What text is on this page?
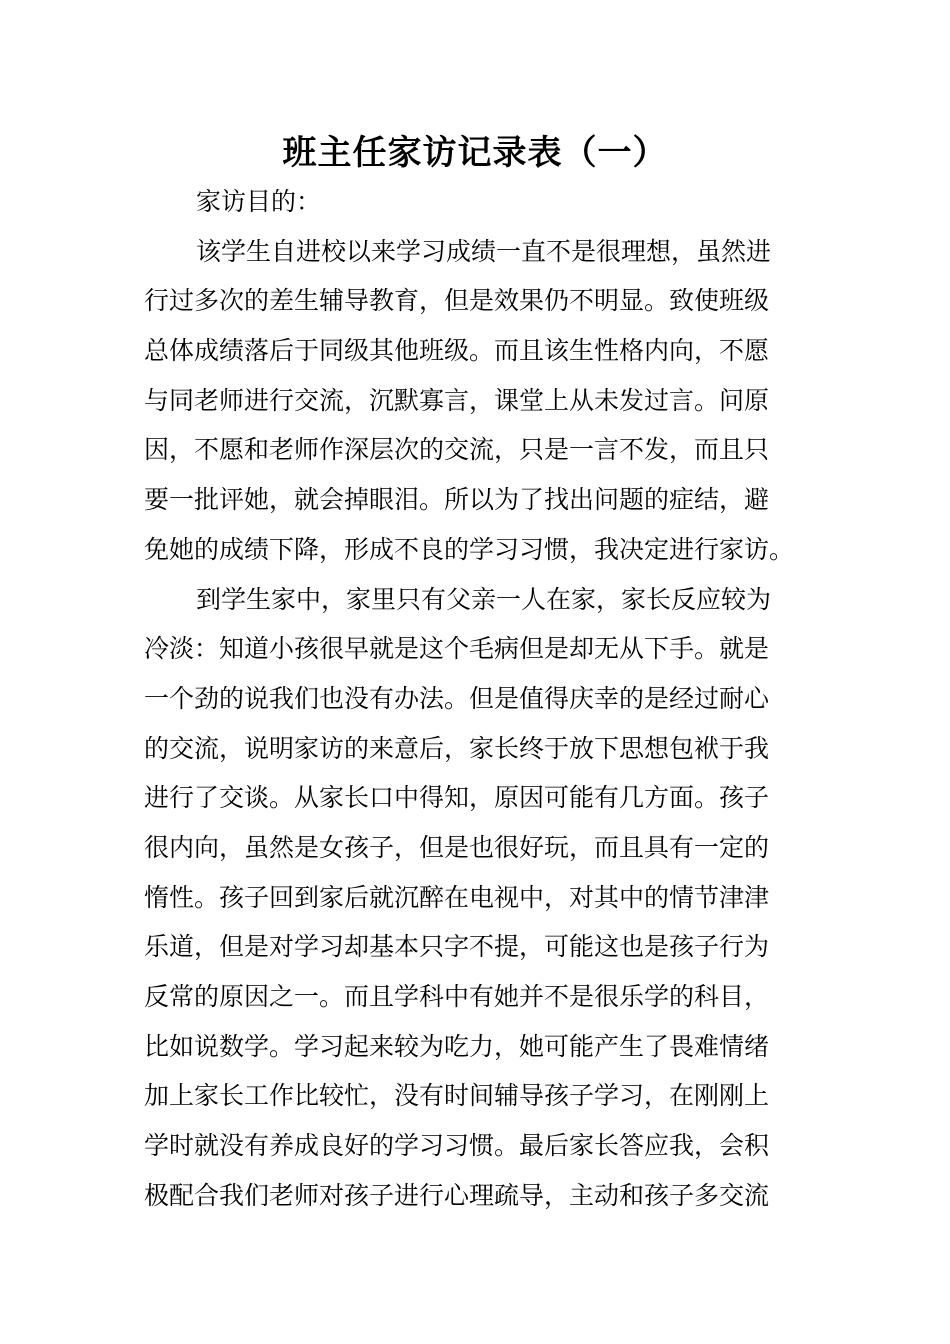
班主任家访记录表（一）
家访目的：
该学生自进校以来学习成绩一直不是很理想，虽然进
行过多次的差生辅导教育，但是效果仍不明显。致使班级
总体成绩落后于同级其他班级。而且该生性格内向，不愿
与同老师进行交流，沉默寡言，课堂上从未发过言。问原
因，不愿和老师作深层次的交流，只是一言不发，而且只
要一批评她，就会掉眼泪。所以为了找出问题的症结，避
免她的成绩下降，形成不良的学习习惯，我决定进行家访。
到学生家中，家里只有父亲一人在家，家长反应较为
冷淡：知道小孩很早就是这个毛病但是却无从下手。就是
一个劲的说我们也没有办法。但是值得庆幸的是经过耐心
的交流，说明家访的来意后，家长终于放下思想包袱于我
进行了交谈。从家长口中得知，原因可能有几方面。孩子
很内向，虽然是女孩子，但是也很好玩，而且具有一定的
惰性。孩子回到家后就沉醉在电视中，对其中的情节津津
乐道，但是对学习却基本只字不提，可能这也是孩子行为
反常的原因之一。而且学科中有她并不是很乐学的科目，
比如说数学。学习起来较为吃力，她可能产生了畏难情绪
加上家长工作比较忙，没有时间辅导孩子学习，在刚刚上
学时就没有养成良好的学习习惯。最后家长答应我，会积
极配合我们老师对孩子进行心理疏导，主动和孩子多交流
